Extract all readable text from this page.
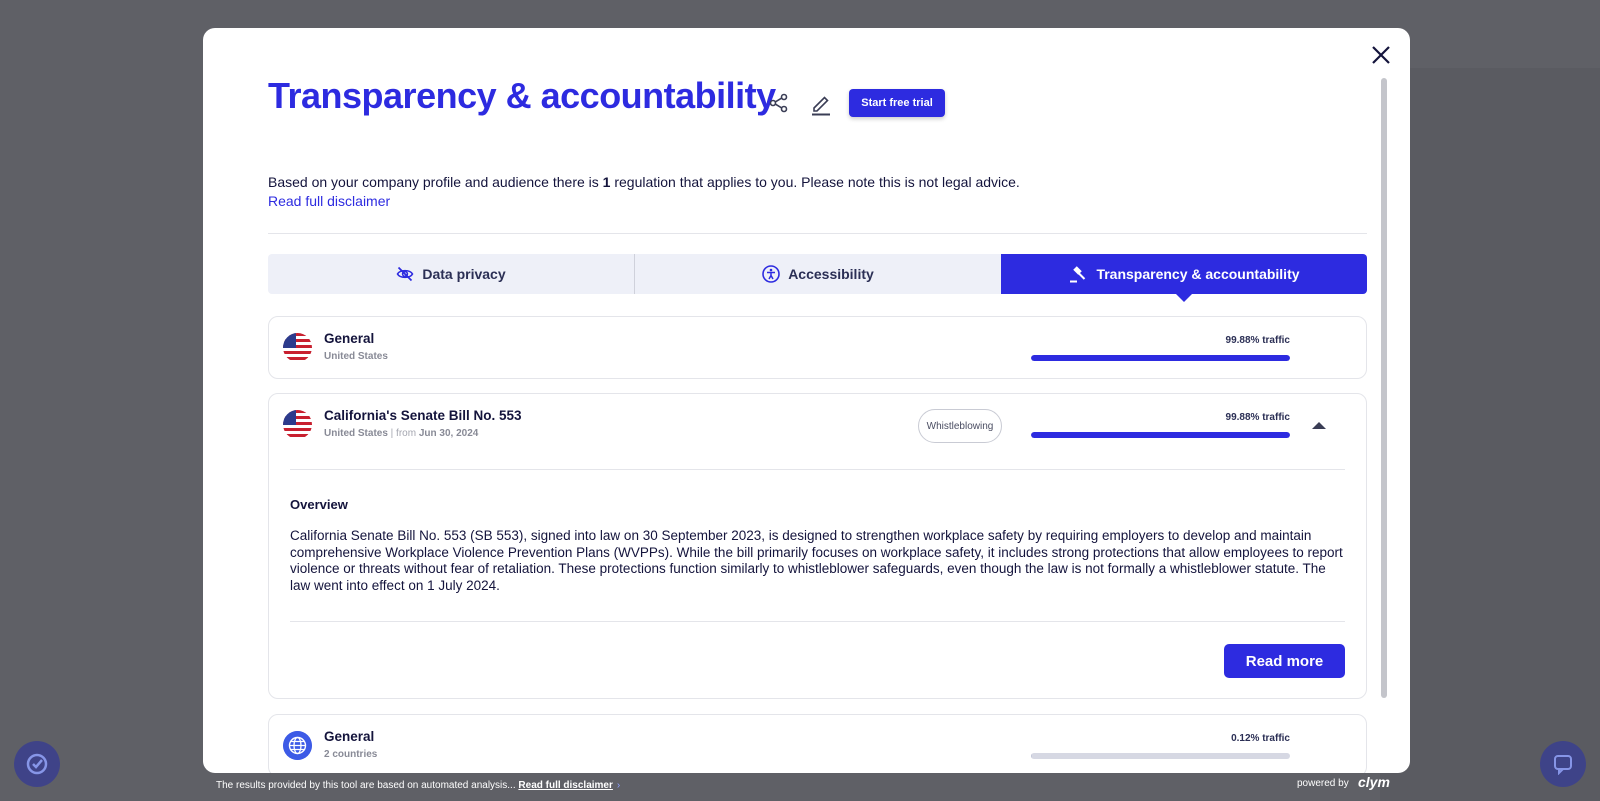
Transparency & accountability	Start free trial

Based on your company profile and audience there is 1 regulation that applies to you. Please note this is not legal advice.

Read full disclaimer
Data privacy	Accessibility	Transparency & accountability
General
United States
99.88% traffic
California's Senate Bill No. 553
United States | from Jun 30, 2024
Whistleblowing
99.88% traffic
Overview

California Senate Bill No. 553 (SB 553), signed into law on 30 September 2023, is designed to strengthen workplace safety by requiring employers to develop and maintain comprehensive Workplace Violence Prevention Plans (WVPPs). While the bill primarily focuses on workplace safety, it includes strong protections that allow employees to report violence or threats without fear of retaliation. These protections function similarly to whistleblower safeguards, even though the law is not formally a whistleblower statute. The law went into effect on 1 July 2024.

Read more
General
2 countries
0.12% traffic
The results provided by this tool are based on automated analysis... Read full disclaimer ›	powered by clym
